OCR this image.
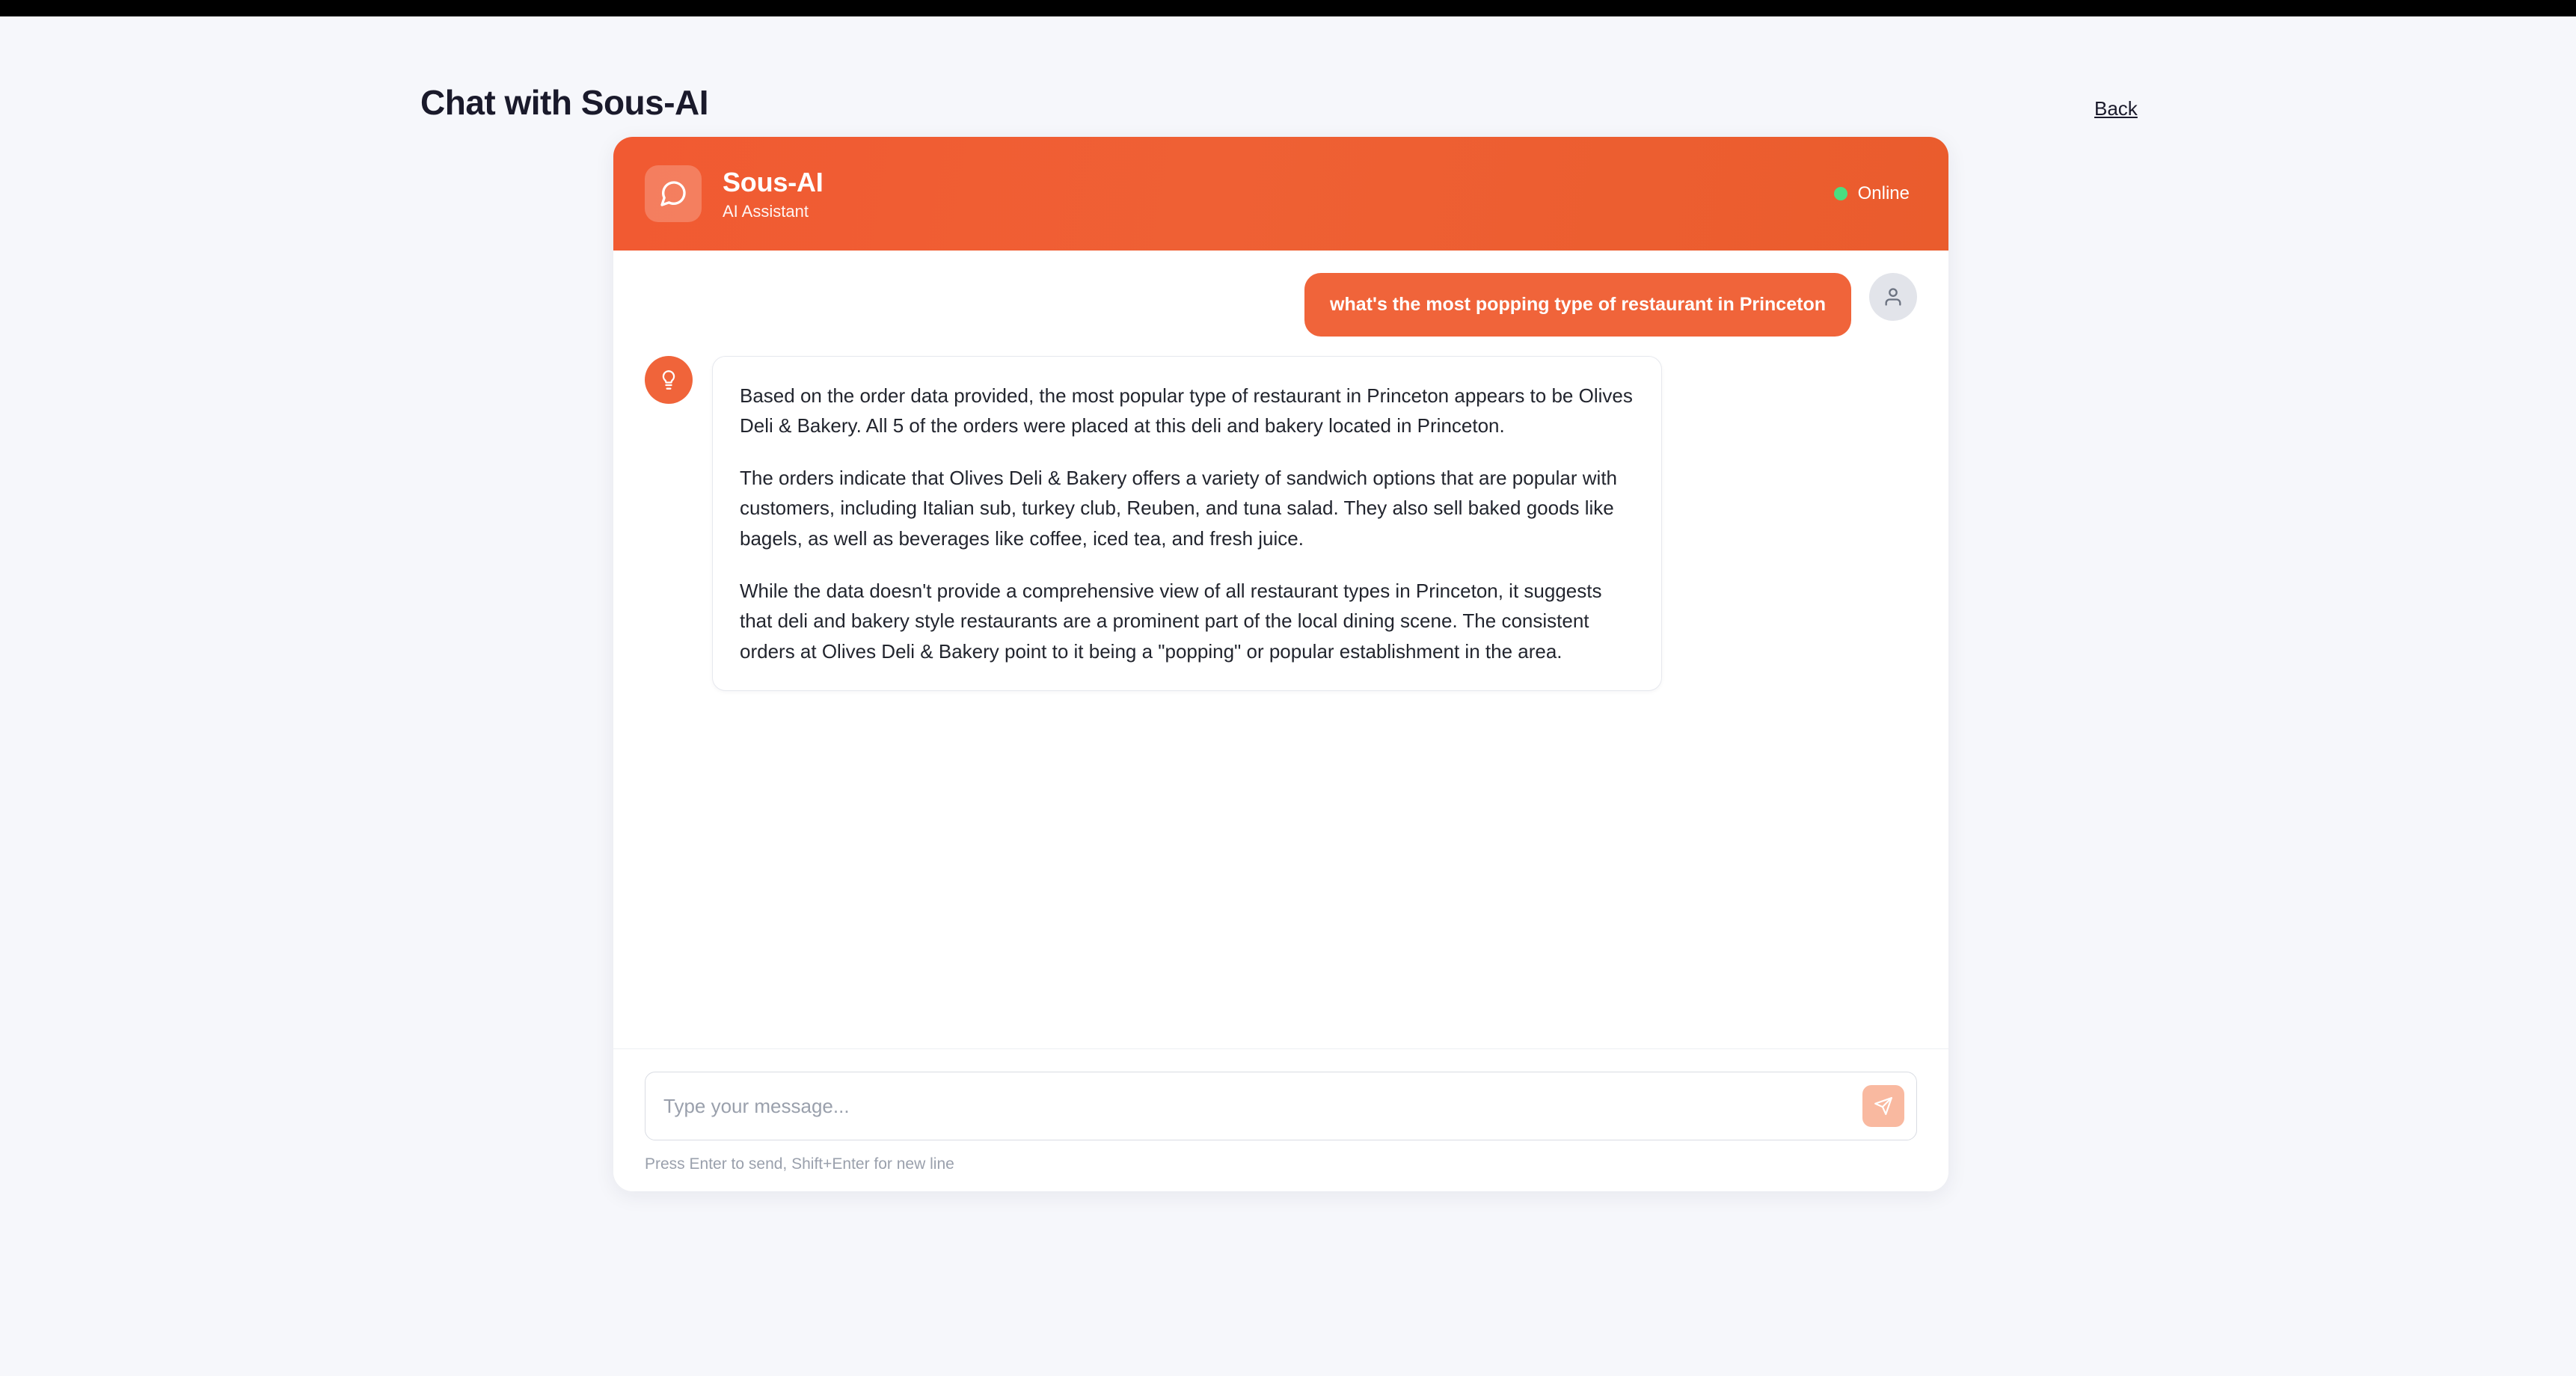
Chat with Sous-AI	Back
Sous-AI
AI Assistant
Online
what's the most popping type of restaurant in Princeton

Based on the order data provided, the most popular type of restaurant in Princeton appears to be Olives Deli & Bakery. All 5 of the orders were placed at this deli and bakery located in Princeton.

The orders indicate that Olives Deli & Bakery offers a variety of sandwich options that are popular with customers, including Italian sub, turkey club, Reuben, and tuna salad. They also sell baked goods like bagels, as well as beverages like coffee, iced tea, and fresh juice.

While the data doesn't provide a comprehensive view of all restaurant types in Princeton, it suggests that deli and bakery style restaurants are a prominent part of the local dining scene. The consistent orders at Olives Deli & Bakery point to it being a "popping" or popular establishment in the area.

Type your message...
Press Enter to send, Shift+Enter for new line
